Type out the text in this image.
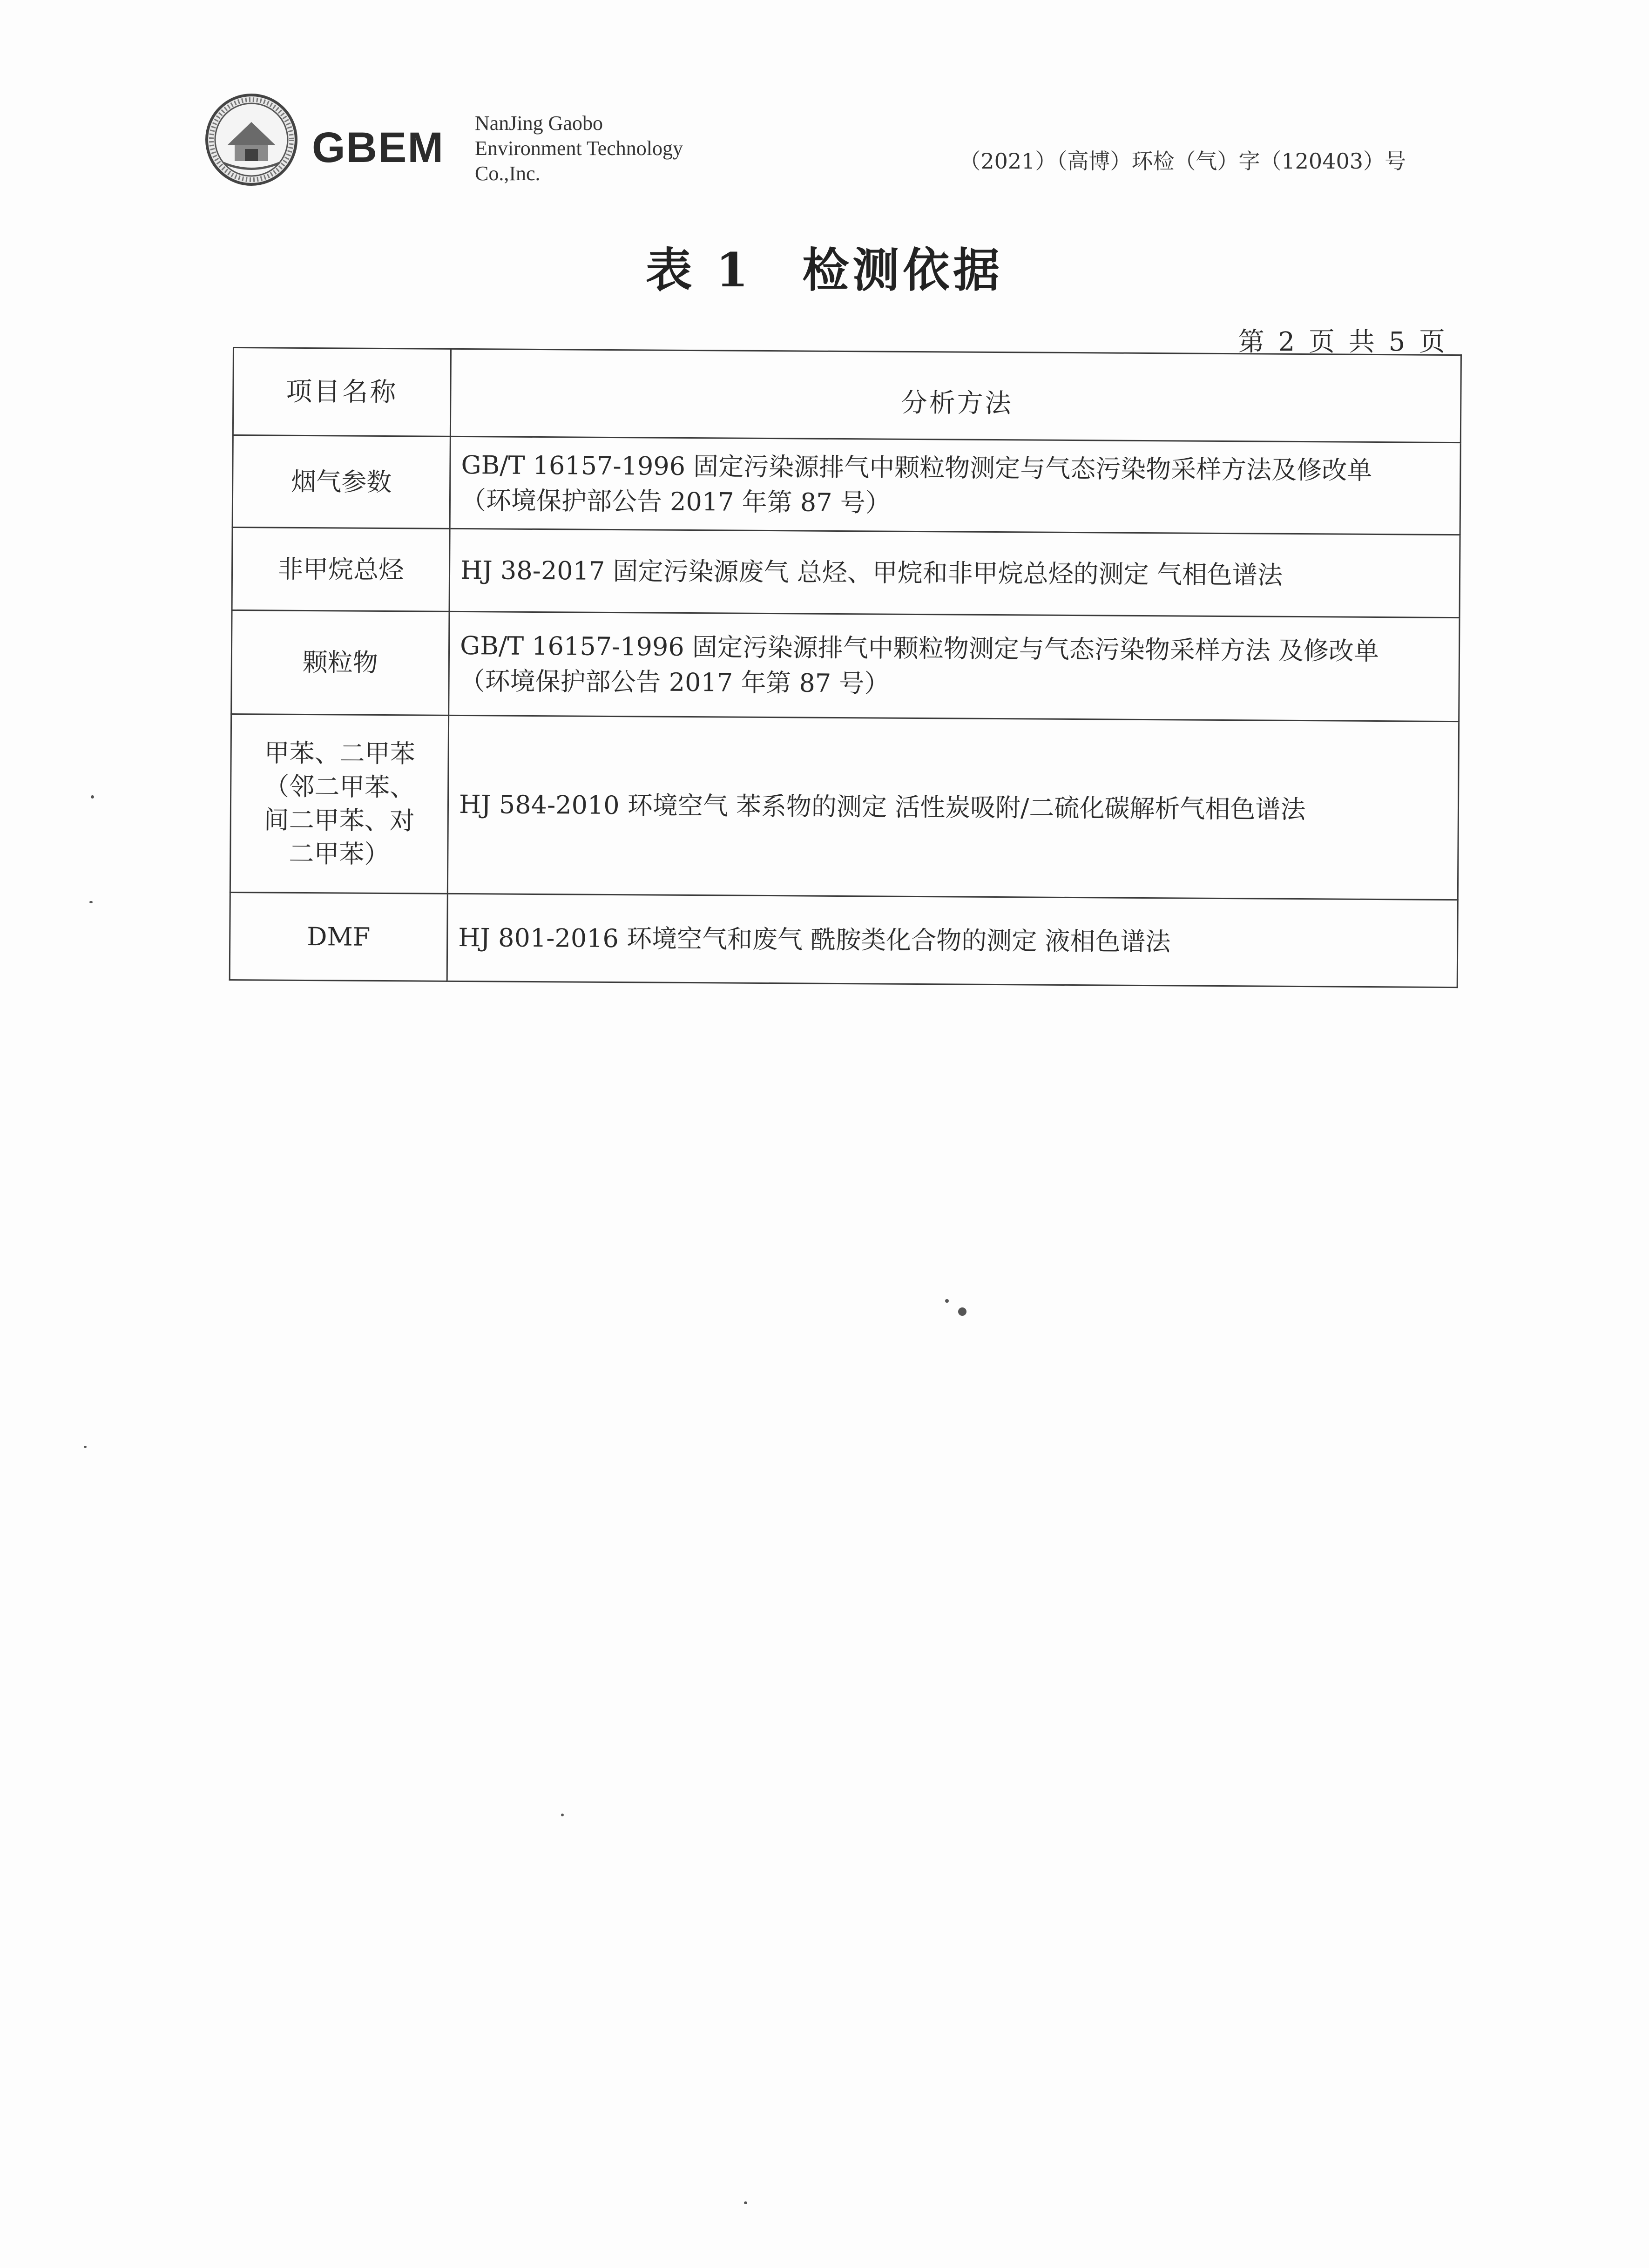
GBEM
NanJing Gaobo
Environment Technology
Co.,Inc.	（2021）（高博）环检（气）字（120403）号
表 1　检测依据
第 2 页 共 5 页
项目名称	分析方法

烟气参数	GB/T 16157-1996 固定污染源排气中颗粒物测定与气态污染物采样方法及修改单
（环境保护部公告 2017 年第 87 号）

非甲烷总烃	HJ 38-2017 固定污染源废气 总烃、甲烷和非甲烷总烃的测定 气相色谱法

颗粒物	GB/T 16157-1996 固定污染源排气中颗粒物测定与气态污染物采样方法 及修改单
（环境保护部公告 2017 年第 87 号）

甲苯、二甲苯
（邻二甲苯、
间二甲苯、对
二甲苯）	HJ 584-2010 环境空气 苯系物的测定 活性炭吸附/二硫化碳解析气相色谱法

DMF	HJ 801-2016 环境空气和废气 酰胺类化合物的测定 液相色谱法
